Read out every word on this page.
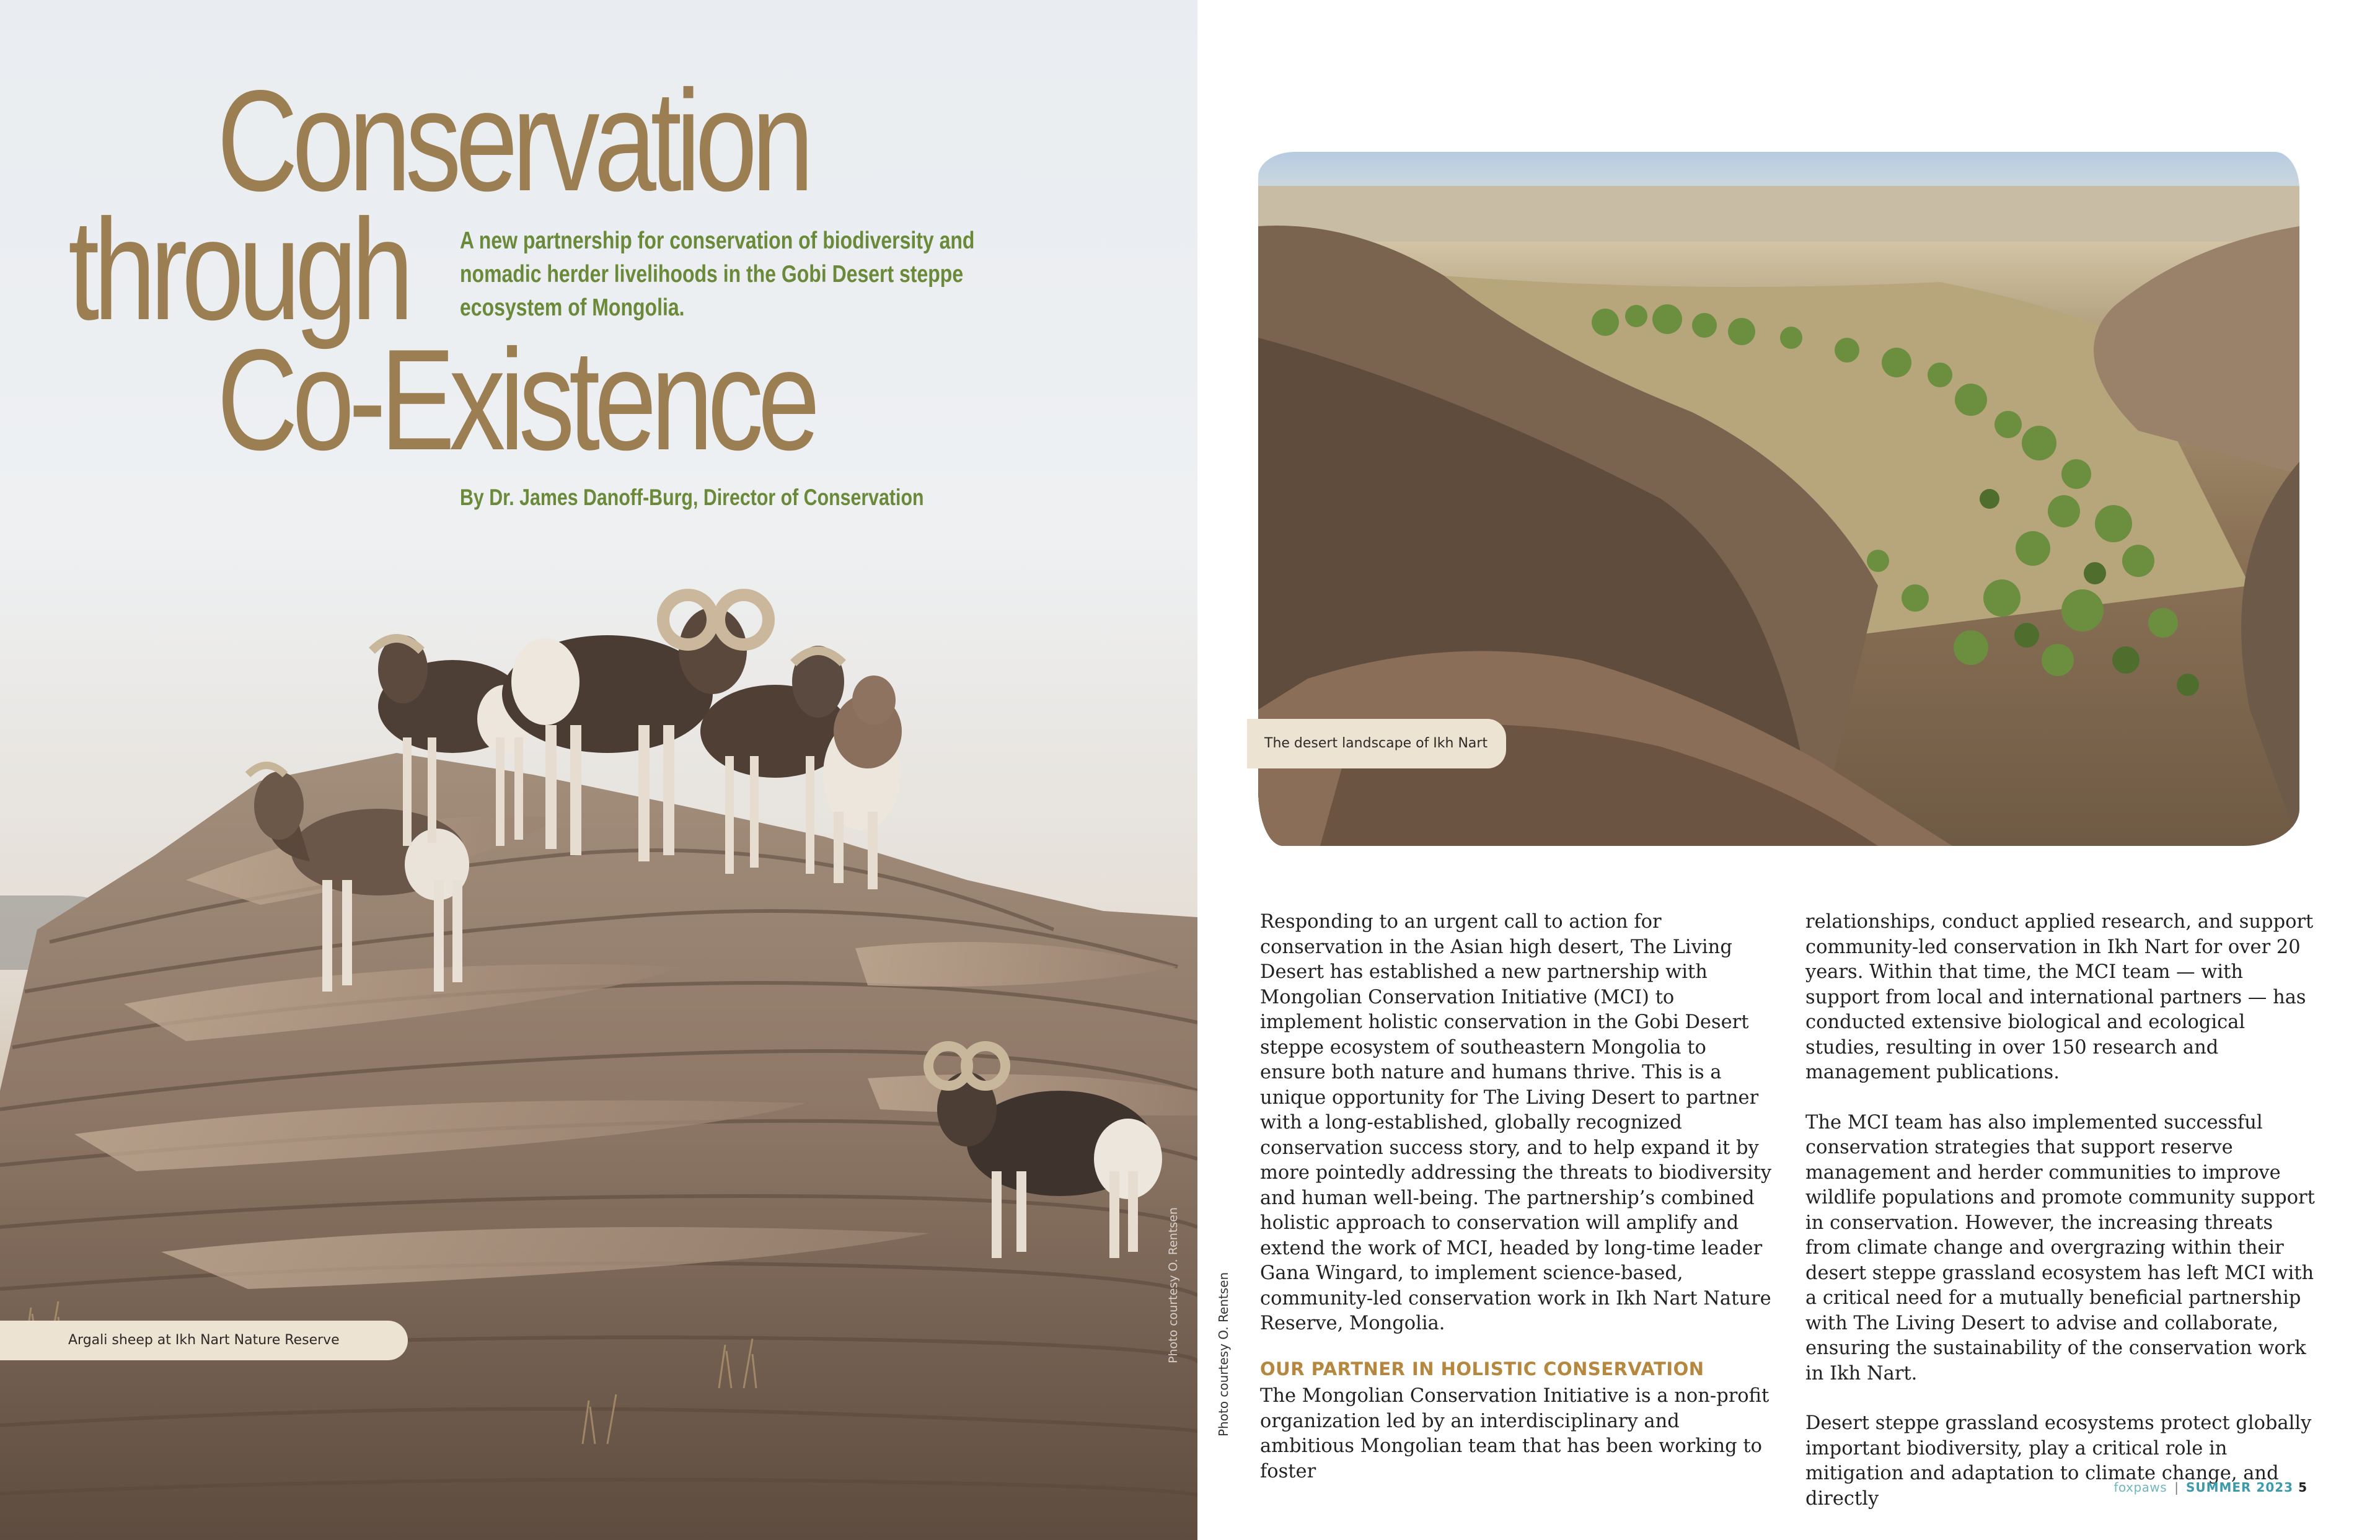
Conservation
through
Co-Existence

A new partnership for conservation of biodiversity and nomadic herder livelihoods in the Gobi Desert steppe ecosystem of Mongolia.

By Dr. James Danoff-Burg, Director of Conservation

Argali sheep at Ikh Nart Nature Reserve	Photo courtesy O. Rentsen
The desert landscape of Ikh Nart
Photo courtesy O. Rentsen

Responding to an urgent call to action for conservation in the Asian high desert, The Living Desert has established a new partnership with Mongolian Conservation Initiative (MCI) to implement holistic conservation in the Gobi Desert steppe ecosystem of southeastern Mongolia to ensure both nature and humans thrive. This is a unique opportunity for The Living Desert to partner with a long-established, globally recognized conservation success story, and to help expand it by more pointedly addressing the threats to biodiversity and human well-being. The partnership’s combined holistic approach to conservation will amplify and extend the work of MCI, headed by long-time leader Gana Wingard, to implement science-based, community-led conservation work in Ikh Nart Nature Reserve, Mongolia.

OUR PARTNER IN HOLISTIC CONSERVATION

The Mongolian Conservation Initiative is a non-profit organization led by an interdisciplinary and ambitious Mongolian team that has been working to foster

relationships, conduct applied research, and support community-led conservation in Ikh Nart for over 20 years. Within that time, the MCI team — with support from local and international partners — has conducted extensive biological and ecological studies, resulting in over 150 research and management publications.

The MCI team has also implemented successful conservation strategies that support reserve management and herder communities to improve wildlife populations and promote community support in conservation. However, the increasing threats from climate change and overgrazing within their desert steppe grassland ecosystem has left MCI with a critical need for a mutually beneficial partnership with The Living Desert to advise and collaborate, ensuring the sustainability of the conservation work in Ikh Nart.

Desert steppe grassland ecosystems protect globally important biodiversity, play a critical role in mitigation and adaptation to climate change, and directly

foxpaws | SUMMER 2023 5
